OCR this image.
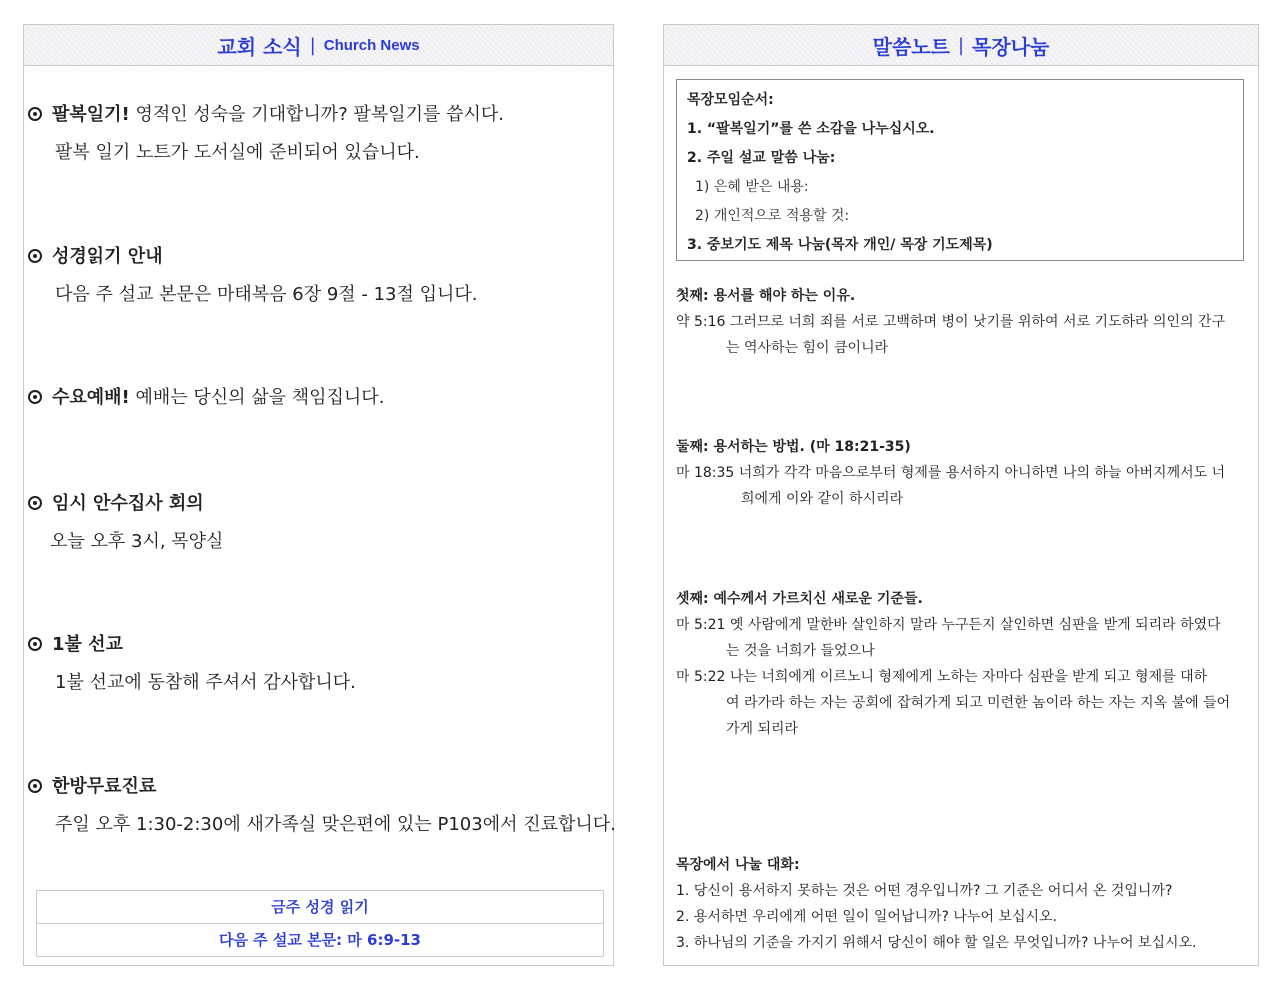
교회 소식 | Church News
팔복일기! 영적인 성숙을 기대합니까? 팔복일기를 씁시다.
팔복 일기 노트가 도서실에 준비되어 있습니다.
성경읽기 안내
다음 주 설교 본문은 마태복음 6장 9절 - 13절 입니다.
수요예배! 예배는 당신의 삶을 책임집니다.
임시 안수집사 회의
오늘 오후 3시, 목양실
1불 선교
1불 선교에 동참해 주셔서 감사합니다.
한방무료진료
주일 오후 1:30-2:30에 새가족실 맞은편에 있는 P103에서 진료합니다.
금주 성경 읽기
다음 주 설교 본문: 마 6:9-13
말씀노트 | 목장나눔
목장모임순서:
1. “팔복일기”를 쓴 소감을 나누십시오.
2. 주일 설교 말씀 나눔:
1) 은혜 받은 내용:
2) 개인적으로 적용할 것:
3. 중보기도 제목 나눔(목자 개인/ 목장 기도제목)
첫째: 용서를 해야 하는 이유.
약 5:16 그러므로 너희 죄를 서로 고백하며 병이 낫기를 위하여 서로 기도하라 의인의 간구
는 역사하는 힘이 큼이니라
둘째: 용서하는 방법. (마 18:21-35)
마 18:35 너희가 각각 마음으로부터 형제를 용서하지 아니하면 나의 하늘 아버지께서도 너
희에게 이와 같이 하시리라
셋째: 예수께서 가르치신 새로운 기준들.
마 5:21 옛 사람에게 말한바 살인하지 말라 누구든지 살인하면 심판을 받게 되리라 하였다
는 것을 너희가 들었으나
마 5:22 나는 너희에게 이르노니 형제에게 노하는 자마다 심판을 받게 되고 형제를 대하
여 라가라 하는 자는 공회에 잡혀가게 되고 미련한 놈이라 하는 자는 지옥 불에 들어
가게 되리라
목장에서 나눌 대화:
1. 당신이 용서하지 못하는 것은 어떤 경우입니까? 그 기준은 어디서 온 것입니까?
2. 용서하면 우리에게 어떤 일이 일어납니까? 나누어 보십시오.
3. 하나님의 기준을 가지기 위해서 당신이 해야 할 일은 무엇입니까? 나누어 보십시오.
